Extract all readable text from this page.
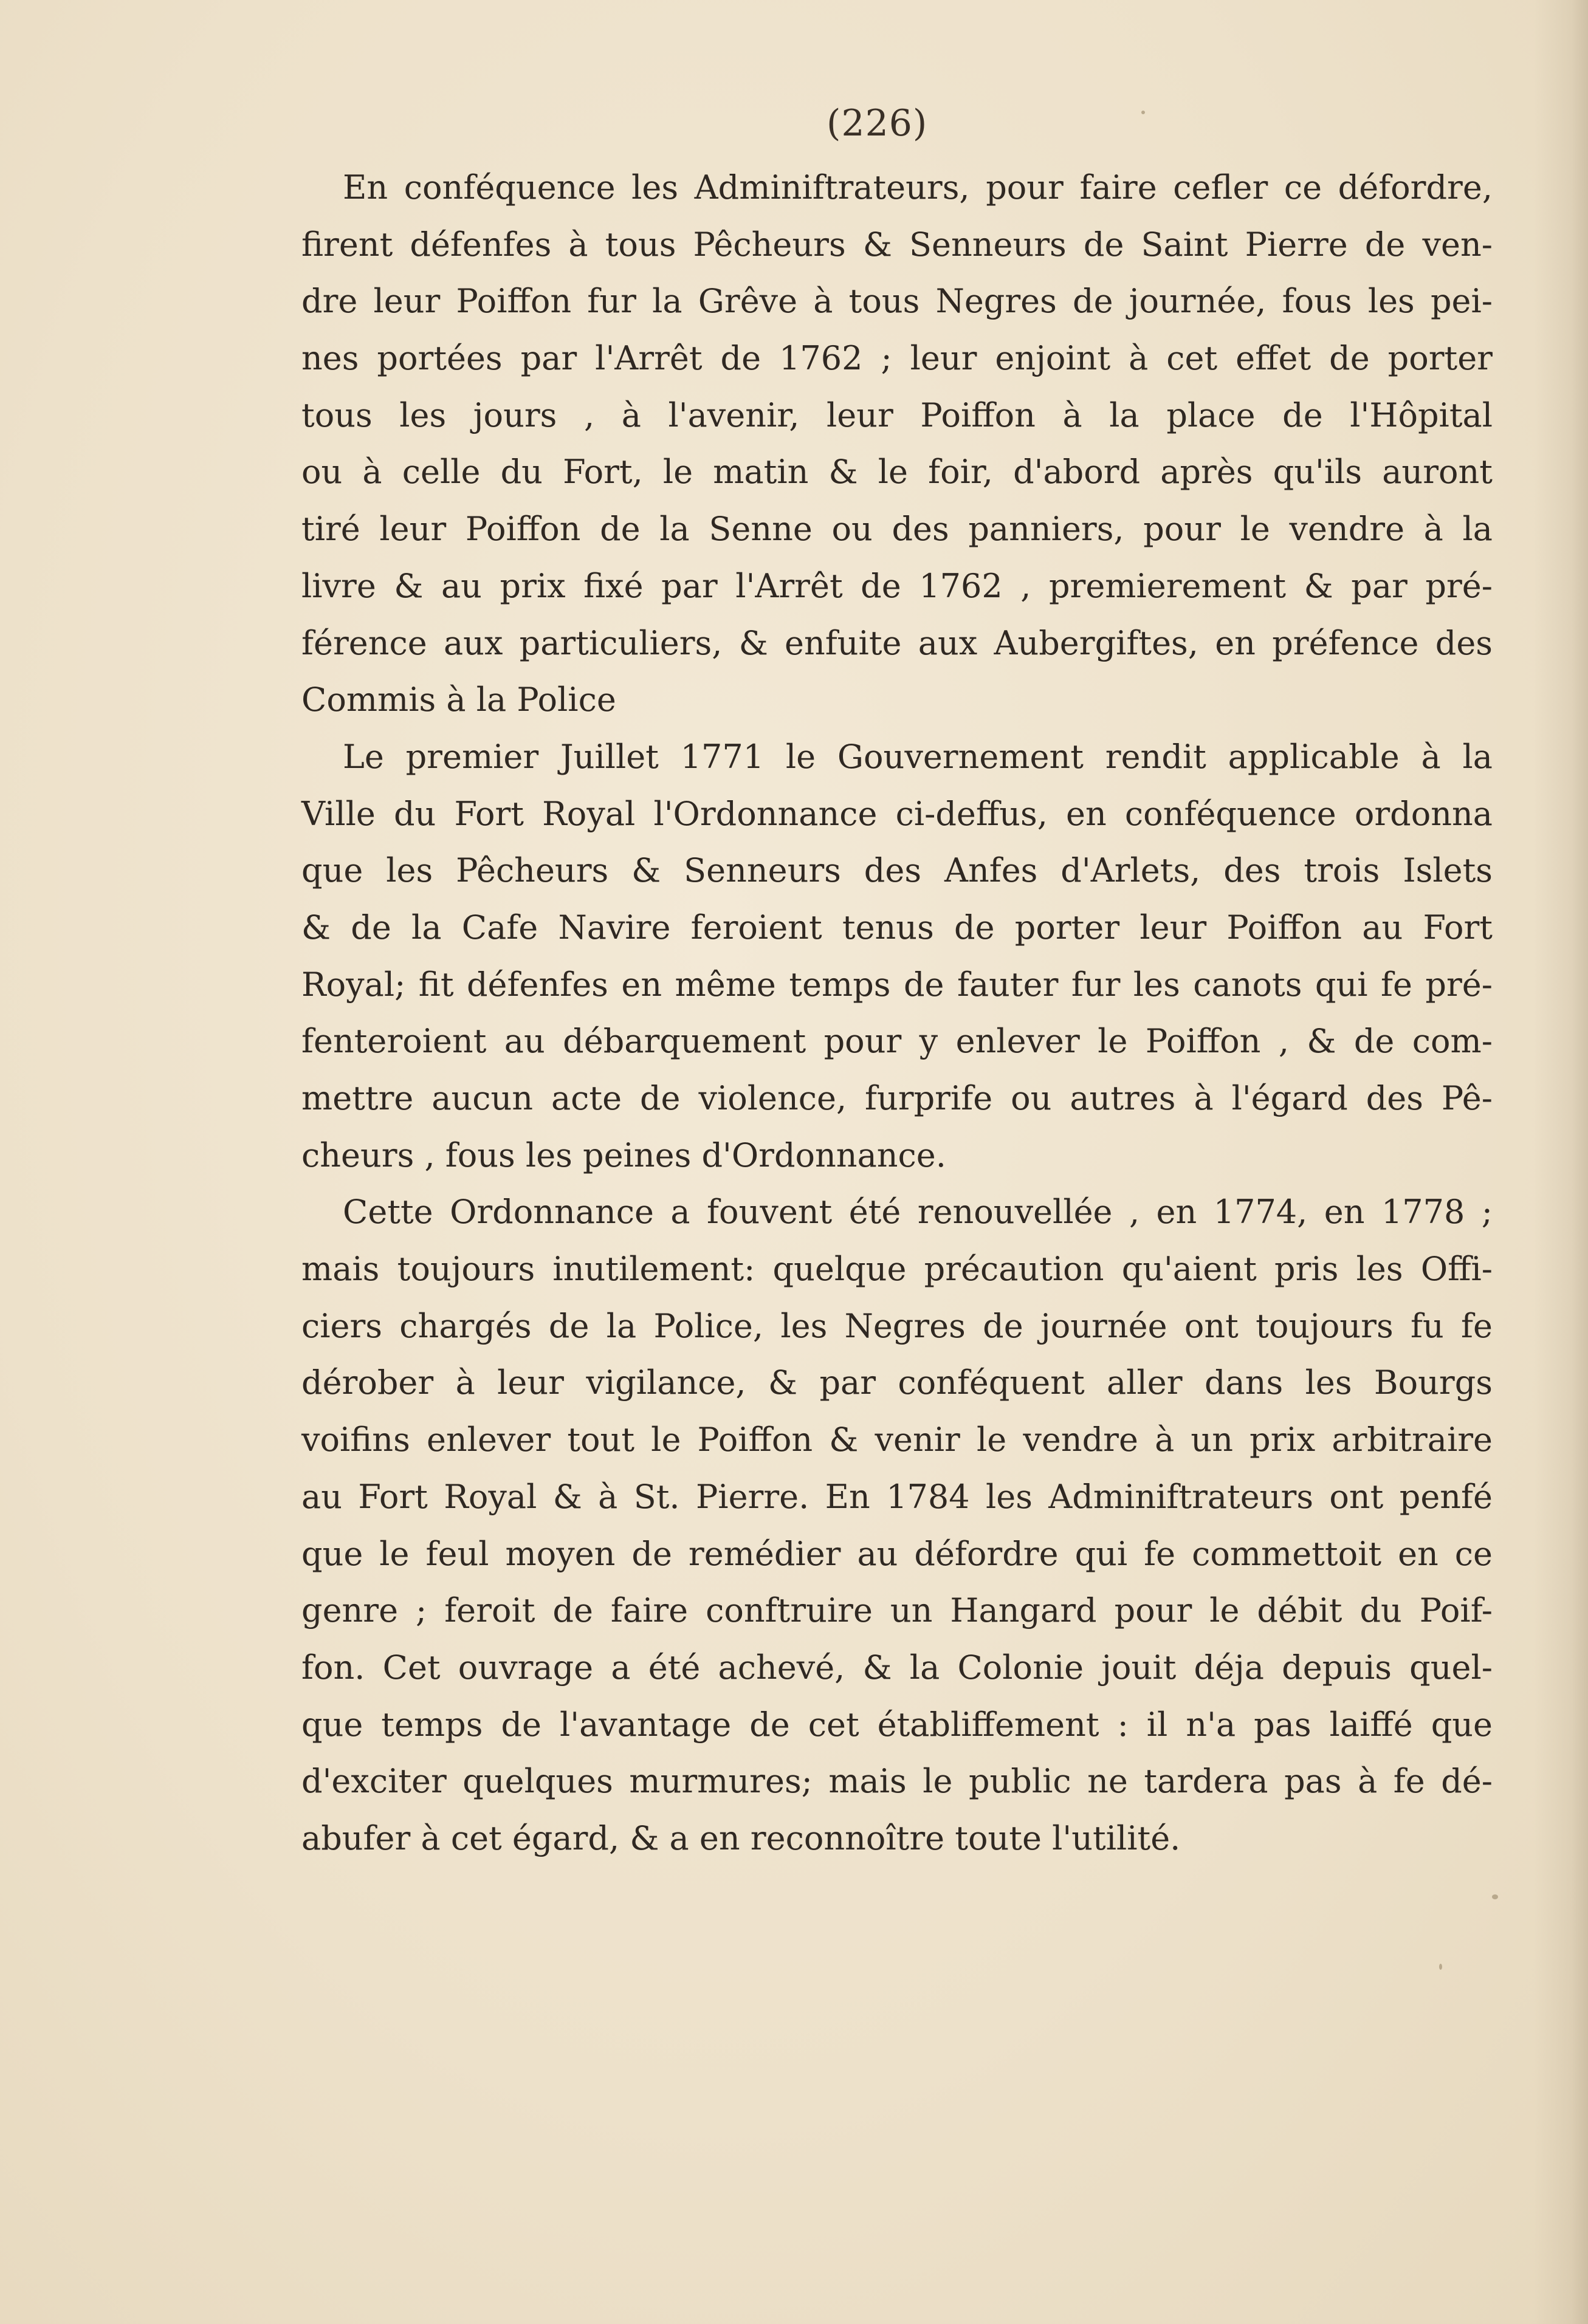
(226)
En conféquence les Adminiftrateurs, pour faire cefler ce défordre,
firent défenfes à tous Pêcheurs & Senneurs de Saint Pierre de ven-
dre leur Poiffon fur la Grêve à tous Negres de journée, fous les pei-
nes portées par l'Arrêt de 1762 ; leur enjoint à cet effet de porter
tous les jours , à l'avenir, leur Poiffon à la place de l'Hôpital
ou à celle du Fort, le matin & le foir, d'abord après qu'ils auront
tiré leur Poiffon de la Senne ou des panniers, pour le vendre à la
livre & au prix fixé par l'Arrêt de 1762 , premierement & par pré-
férence aux particuliers, & enfuite aux Aubergiftes, en préfence des
Commis à la Police
Le premier Juillet 1771 le Gouvernement rendit applicable à la
Ville du Fort Royal l'Ordonnance ci-deffus, en conféquence ordonna
que les Pêcheurs & Senneurs des Anfes d'Arlets, des trois Islets
& de la Cafe Navire feroient tenus de porter leur Poiffon au Fort
Royal; fit défenfes en même temps de fauter fur les canots qui fe pré-
fenteroient au débarquement pour y enlever le Poiffon , & de com-
mettre aucun acte de violence, furprife ou autres à l'égard des Pê-
cheurs , fous les peines d'Ordonnance.
Cette Ordonnance a fouvent été renouvellée , en 1774, en 1778 ;
mais toujours inutilement: quelque précaution qu'aient pris les Offi-
ciers chargés de la Police, les Negres de journée ont toujours fu fe
dérober à leur vigilance, & par conféquent aller dans les Bourgs
voifins enlever tout le Poiffon & venir le vendre à un prix arbitraire
au Fort Royal & à St. Pierre. En 1784 les Adminiftrateurs ont penfé
que le feul moyen de remédier au défordre qui fe commettoit en ce
genre ; feroit de faire conftruire un Hangard pour le débit du Poif-
fon. Cet ouvrage a été achevé, & la Colonie jouit déja depuis quel-
que temps de l'avantage de cet établiffement : il n'a pas laiffé que
d'exciter quelques murmures; mais le public ne tardera pas à fe dé-
abufer à cet égard, & a en reconnoître toute l'utilité.
